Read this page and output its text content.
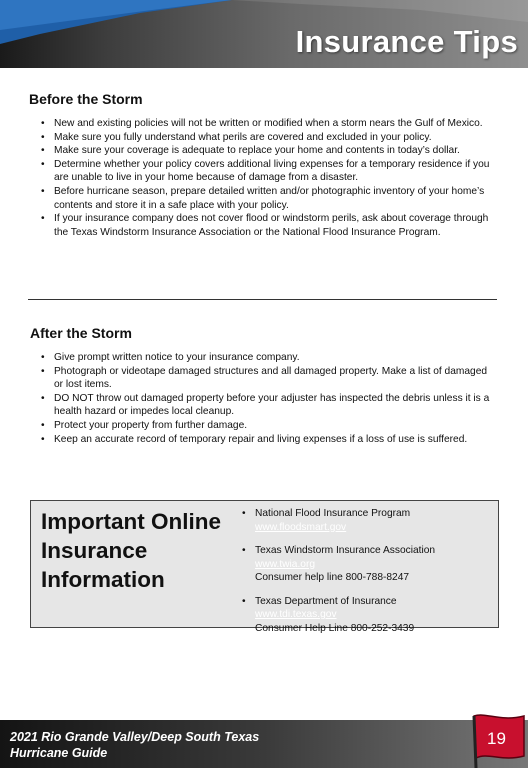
Insurance Tips
Before the Storm
• New and existing policies will not be written or modified when a storm nears the Gulf of Mexico.
• Make sure you fully understand what perils are covered and excluded in your policy.
• Make sure your coverage is adequate to replace your home and contents in today’s dollar.
• Determine whether your policy covers additional living expenses for a temporary residence if you are unable to live in your home because of damage from a disaster.
• Before hurricane season, prepare detailed written and/or photographic inventory of your home’s contents and store it in a safe place with your policy.
• If your insurance company does not cover flood or windstorm perils, ask about coverage through the Texas Windstorm Insurance Association or the National Flood Insurance Program.
After the Storm
• Give prompt written notice to your insurance company.
• Photograph or videotape damaged structures and all damaged property. Make a list of damaged or lost items.
• DO NOT throw out damaged property before your adjuster has inspected the debris unless it is a health hazard or impedes local cleanup.
• Protect your property from further damage.
• Keep an accurate record of temporary repair and living expenses if a loss of use is suffered.
Important Online Insurance Information
• National Flood Insurance Program
www.floodsmart.gov
• Texas Windstorm Insurance Association
www.twia.org
Consumer help line 800-788-8247
• Texas Department of Insurance
www.tdi.texas.gov
Consumer Help Line 800-252-3439
2021 Rio Grande Valley/Deep South Texas
Hurricane Guide
19
